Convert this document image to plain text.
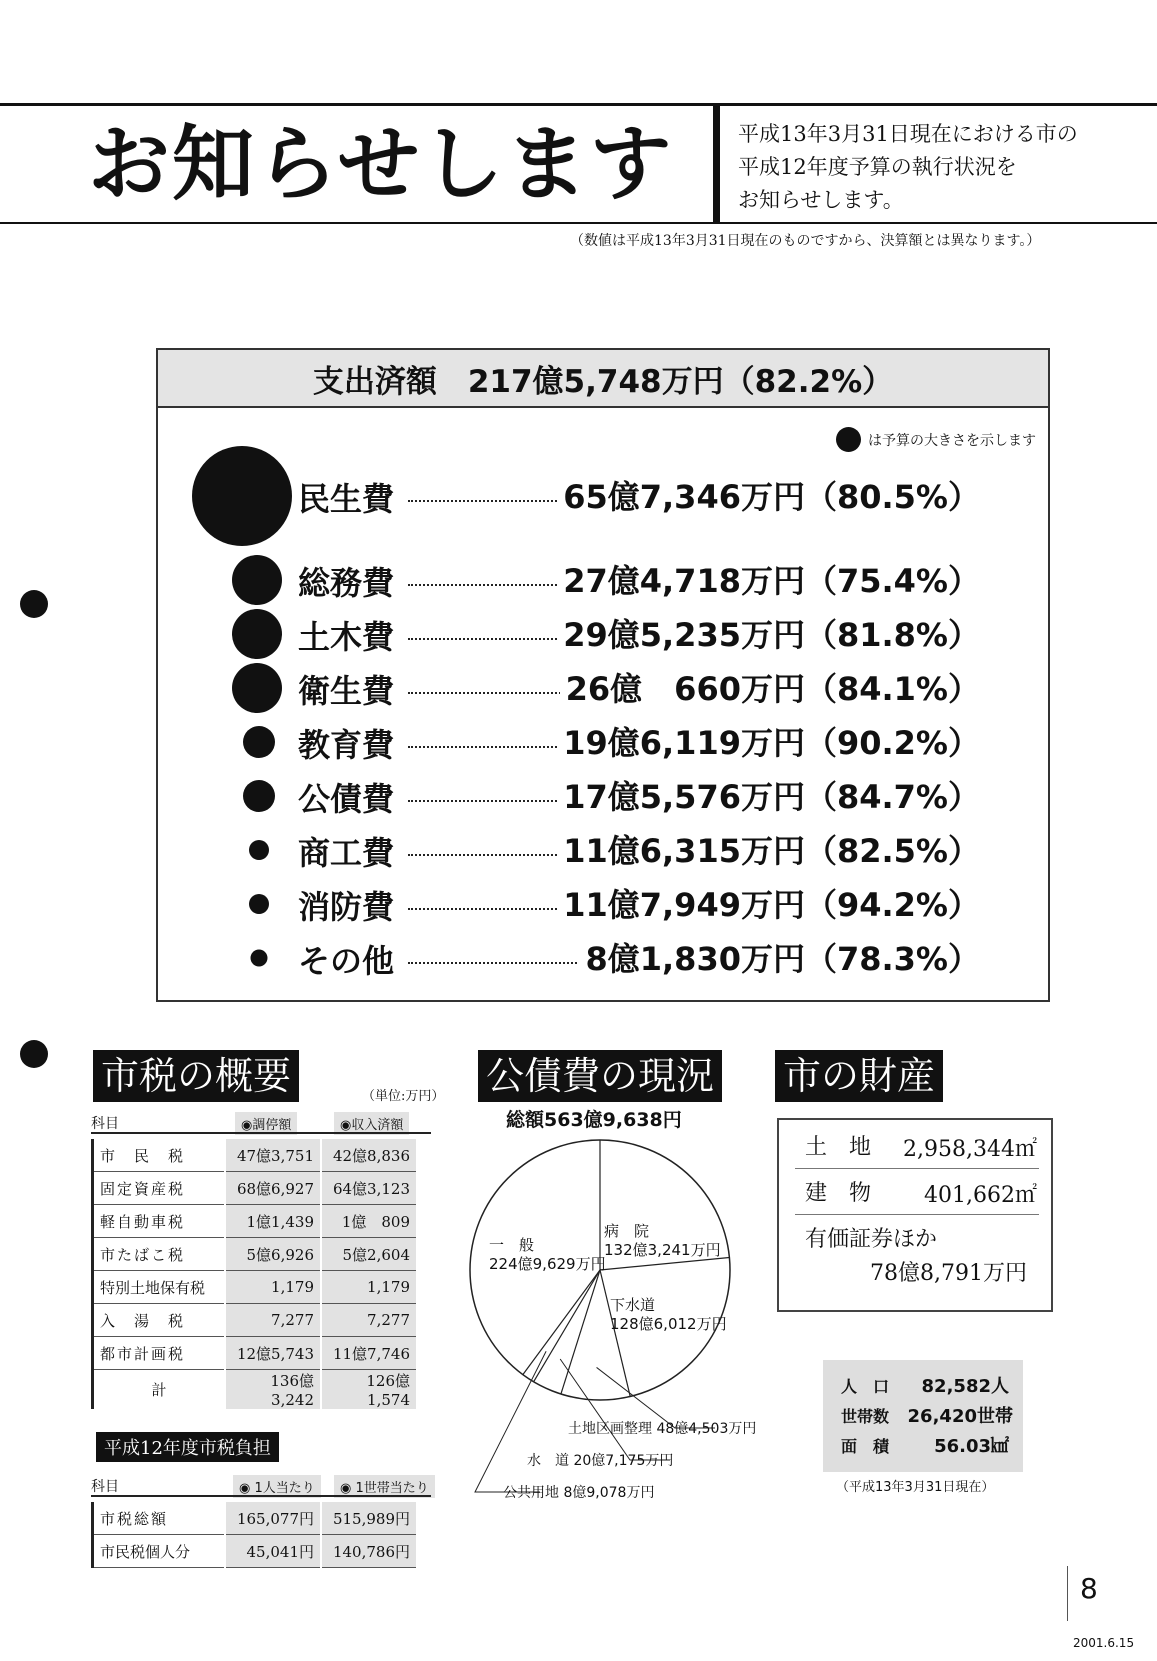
お知らせします	平成13年3月31日現在における市の
平成12年度予算の執行状況を
お知らせします。
（数値は平成13年3月31日現在のものですから、決算額とは異なります。）
支出済額　217億5,748万円（82.2%）
は予算の大きさを示します
民生費	65億7,346万円（80.5%）
総務費	27億4,718万円（75.4%）
土木費	29億5,235万円（81.8%）
衛生費	26億　660万円（84.1%）
教育費	19億6,119万円（90.2%）
公債費	17億5,576万円（84.7%）
商工費	11億6,315万円（82.5%）
消防費	11億7,949万円（94.2%）
その他	8億1,830万円（78.3%）
市税の概要	（単位:万円）
科目	◉調停額	◉収入済額
市　民　税	47億3,751	42億8,836
固定資産税	68億6,927	64億3,123
軽自動車税	1億1,439	1億　809
市たばこ税	5億6,926	5億2,604
特別土地保有税	1,179	1,179
入　湯　税	7,277	7,277
都市計画税	12億5,743	11億7,746
計	136億3,242	126億1,574
平成12年度市税負担
科目	◉ 1人当たり	◉ 1世帯当たり
市税総額	165,077円	515,989円
市民税個人分	45,041円	140,786円
公債費の現況
総額563億9,638円
一　般
224億9,629万円
病　院
132億3,241万円
下水道
128億6,012万円
土地区画整理 48億4,503万円
水　道 20億7,175万円
公共用地 8億9,078万円
市の財産
土　地 2,958,344㎡
建　物 401,662㎡
有価証券ほか
78億8,791万円
人　口 82,582人
世帯数 26,420世帯
面　積	56.03㎢
（平成13年3月31日現在）
8
2001.6.15
